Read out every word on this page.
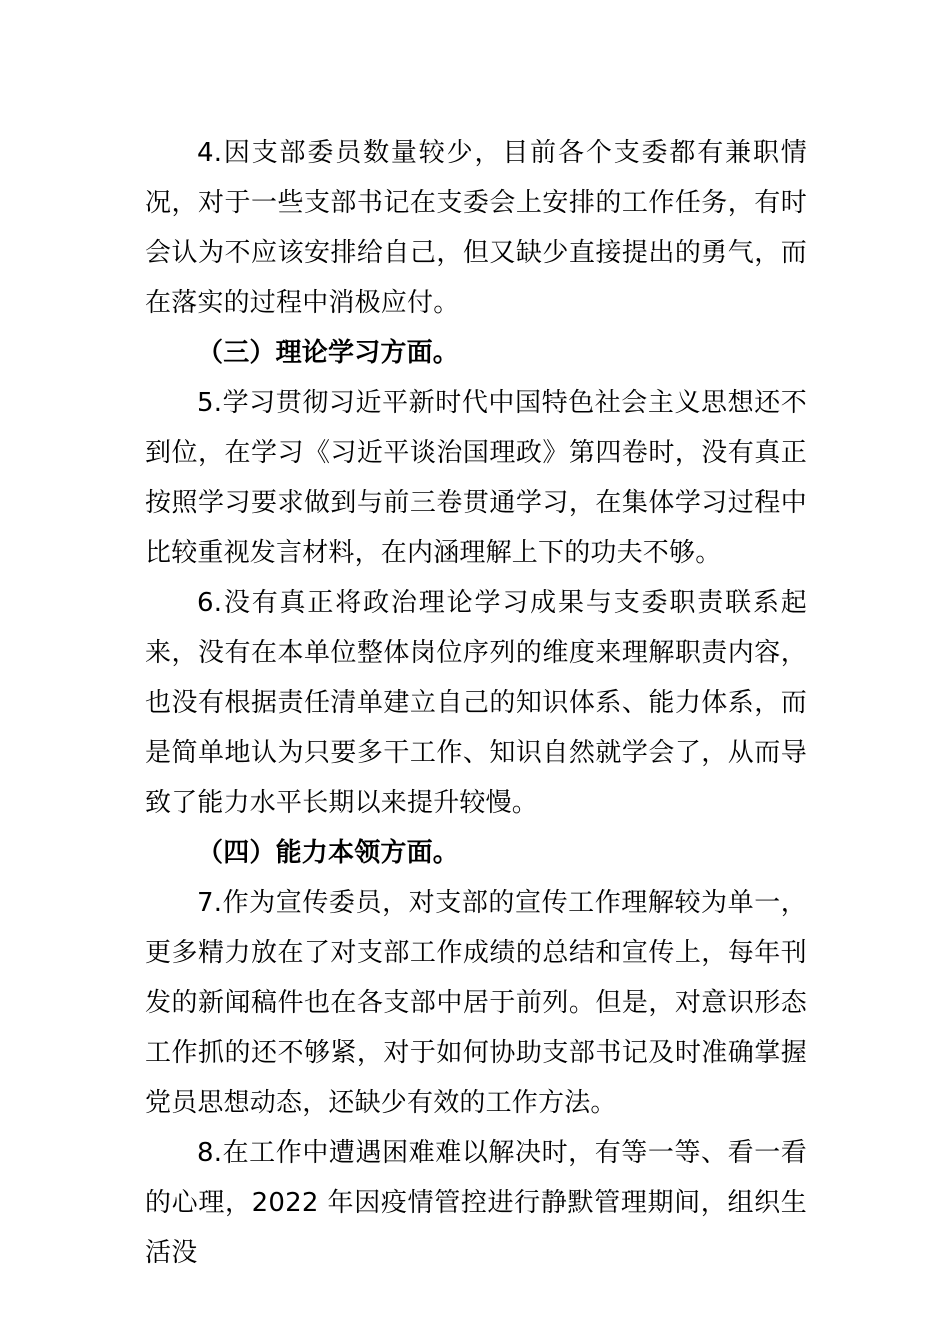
4.因支部委员数量较少，目前各个支委都有兼职情况，对于一些支部书记在支委会上安排的工作任务，有时会认为不应该安排给自己，但又缺少直接提出的勇气，而在落实的过程中消极应付。

（三）理论学习方面。

5.学习贯彻习近平新时代中国特色社会主义思想还不到位，在学习《习近平谈治国理政》第四卷时，没有真正按照学习要求做到与前三卷贯通学习，在集体学习过程中比较重视发言材料，在内涵理解上下的功夫不够。

6.没有真正将政治理论学习成果与支委职责联系起来，没有在本单位整体岗位序列的维度来理解职责内容，也没有根据责任清单建立自己的知识体系、能力体系，而是简单地认为只要多干工作、知识自然就学会了，从而导致了能力水平长期以来提升较慢。

（四）能力本领方面。

7.作为宣传委员，对支部的宣传工作理解较为单一，更多精力放在了对支部工作成绩的总结和宣传上，每年刊发的新闻稿件也在各支部中居于前列。但是，对意识形态工作抓的还不够紧，对于如何协助支部书记及时准确掌握党员思想动态，还缺少有效的工作方法。

8.在工作中遭遇困难难以解决时，有等一等、看一看的心理，2022 年因疫情管控进行静默管理期间，组织生活没
